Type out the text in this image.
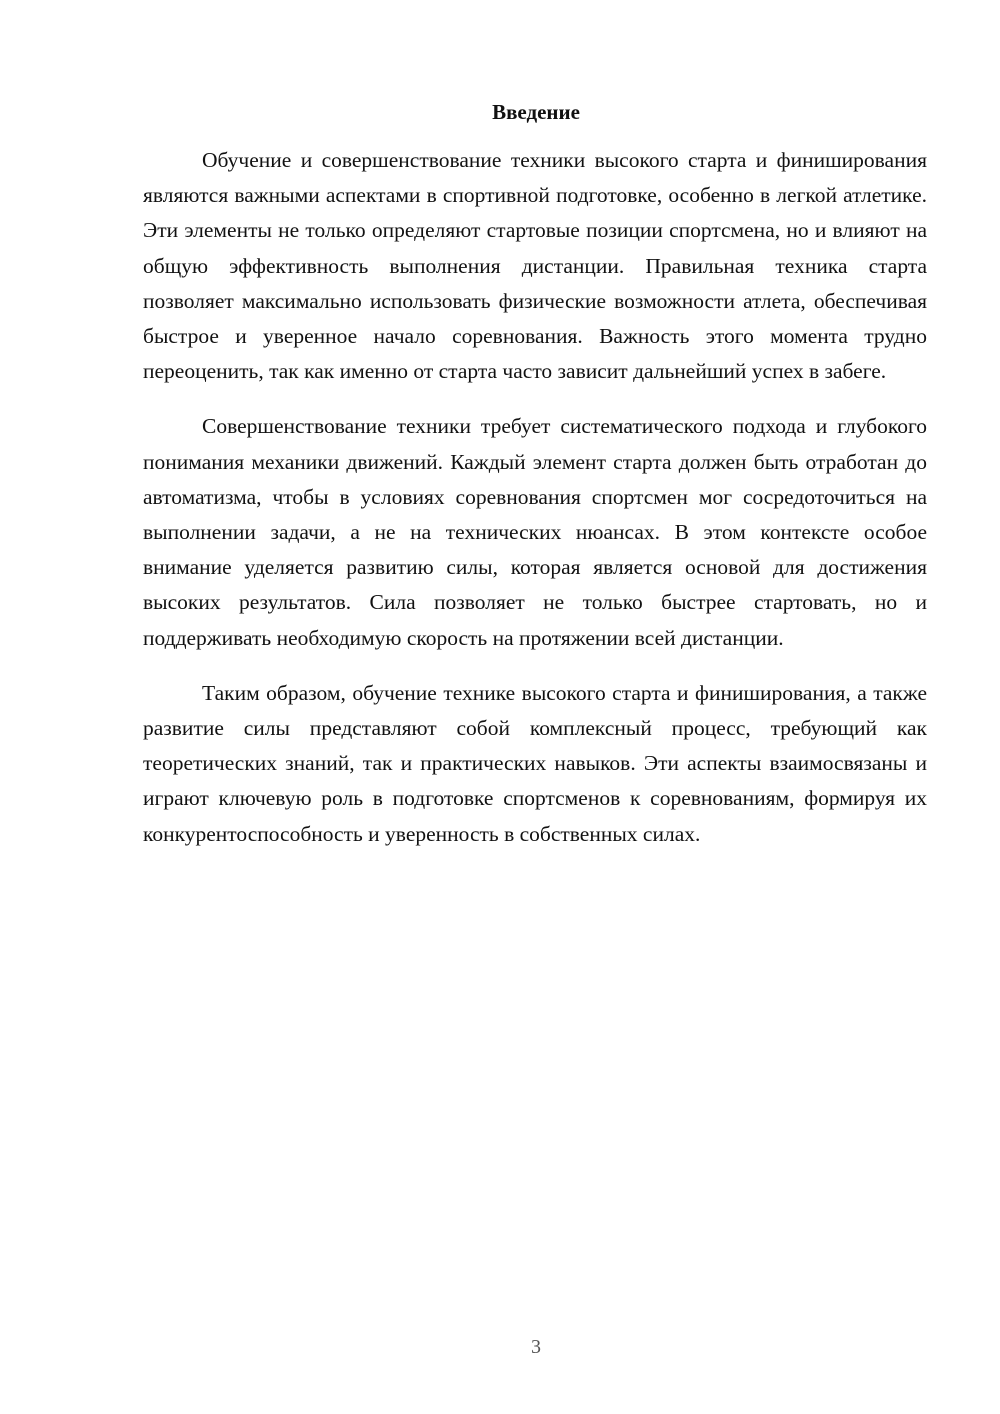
Введение

Обучение и совершенствование техники высокого старта и финиширования являются важными аспектами в спортивной подготовке, особенно в легкой атлетике. Эти элементы не только определяют стартовые позиции спортсмена, но и влияют на общую эффективность выполнения дистанции. Правильная техника старта позволяет максимально использовать физические возможности атлета, обеспечивая быстрое и уверенное начало соревнования. Важность этого момента трудно переоценить, так как именно от старта часто зависит дальнейший успех в забеге.

Совершенствование техники требует систематического подхода и глубокого понимания механики движений. Каждый элемент старта должен быть отработан до автоматизма, чтобы в условиях соревнования спортсмен мог сосредоточиться на выполнении задачи, а не на технических нюансах. В этом контексте особое внимание уделяется развитию силы, которая является основой для достижения высоких результатов. Сила позволяет не только быстрее стартовать, но и поддерживать необходимую скорость на протяжении всей дистанции.

Таким образом, обучение технике высокого старта и финиширования, а также развитие силы представляют собой комплексный процесс, требующий как теоретических знаний, так и практических навыков. Эти аспекты взаимосвязаны и играют ключевую роль в подготовке спортсменов к соревнованиям, формируя их конкурентоспособность и уверенность в собственных силах.

3
